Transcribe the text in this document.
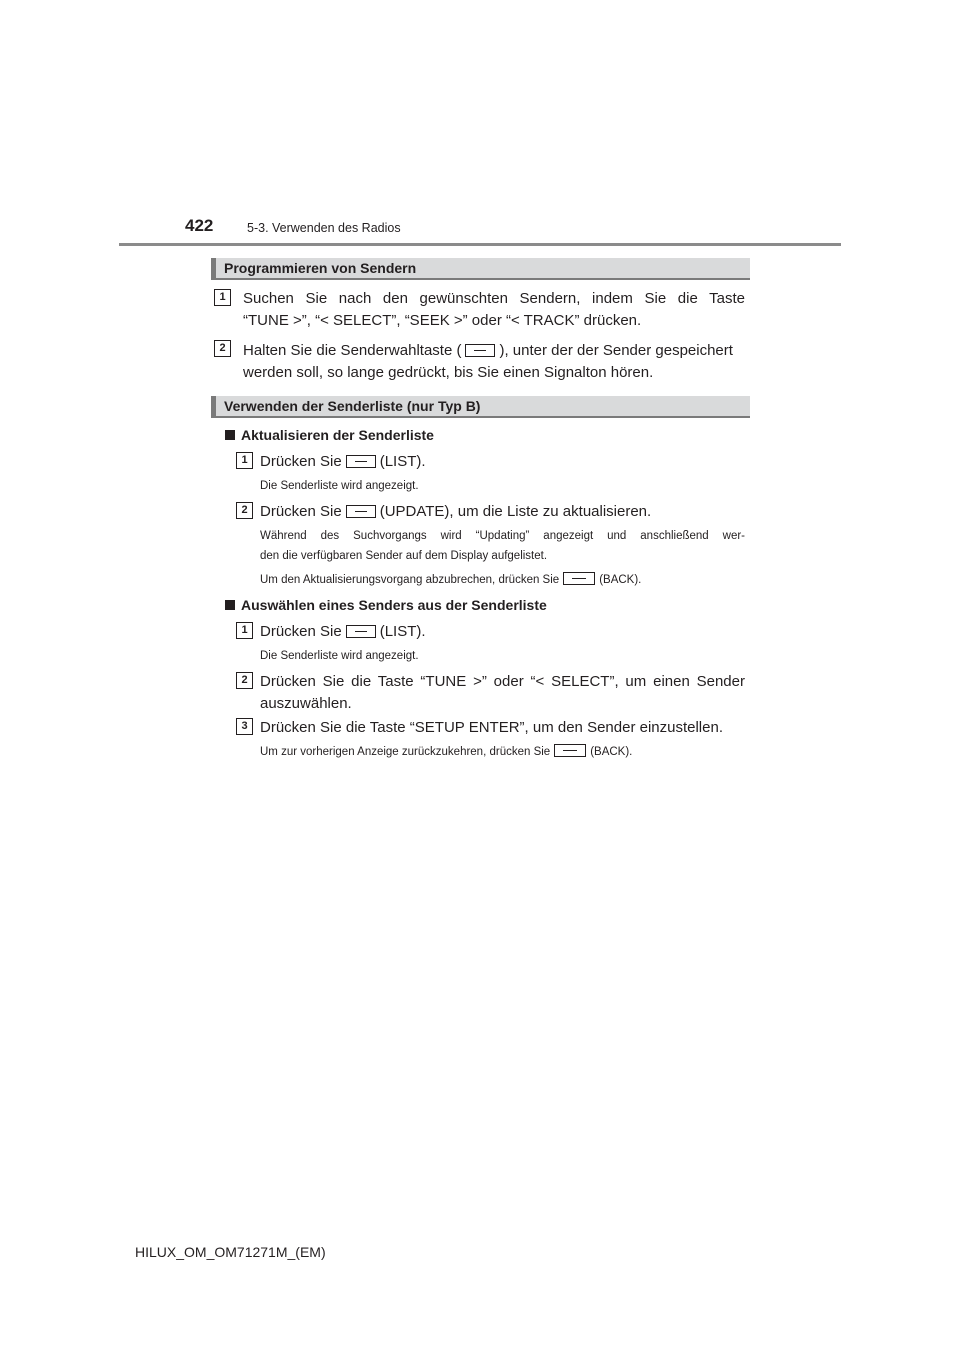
422	5-3. Verwenden des Radios
Programmieren von Sendern
1	Suchen Sie nach den gewünschten Sendern, indem Sie die Taste
“TUNE >”, “< SELECT”, “SEEK >” oder “< TRACK” drücken.
2	Halten Sie die Senderwahltaste (	), unter der der Sender gespeichert
werden soll, so lange gedrückt, bis Sie einen Signalton hören.
Verwenden der Senderliste (nur Typ B)
Aktualisieren der Senderliste
1 Drücken Sie	(LIST).
Die Senderliste wird angezeigt.
2 Drücken Sie	(UPDATE), um die Liste zu aktualisieren.
Während des Suchvorgangs wird “Updating” angezeigt und anschließend wer-
den die verfügbaren Sender auf dem Display aufgelistet.
Um den Aktualisierungsvorgang abzubrechen, drücken Sie	(BACK).
Auswählen eines Senders aus der Senderliste
1 Drücken Sie	(LIST).
Die Senderliste wird angezeigt.
2 Drücken Sie die Taste “TUNE >” oder “< SELECT”, um einen Sender
auszuwählen.
3 Drücken Sie die Taste “SETUP ENTER”, um den Sender einzustellen.
Um zur vorherigen Anzeige zurückzukehren, drücken Sie	(BACK).
HILUX_OM_OM71271M_(EM)
